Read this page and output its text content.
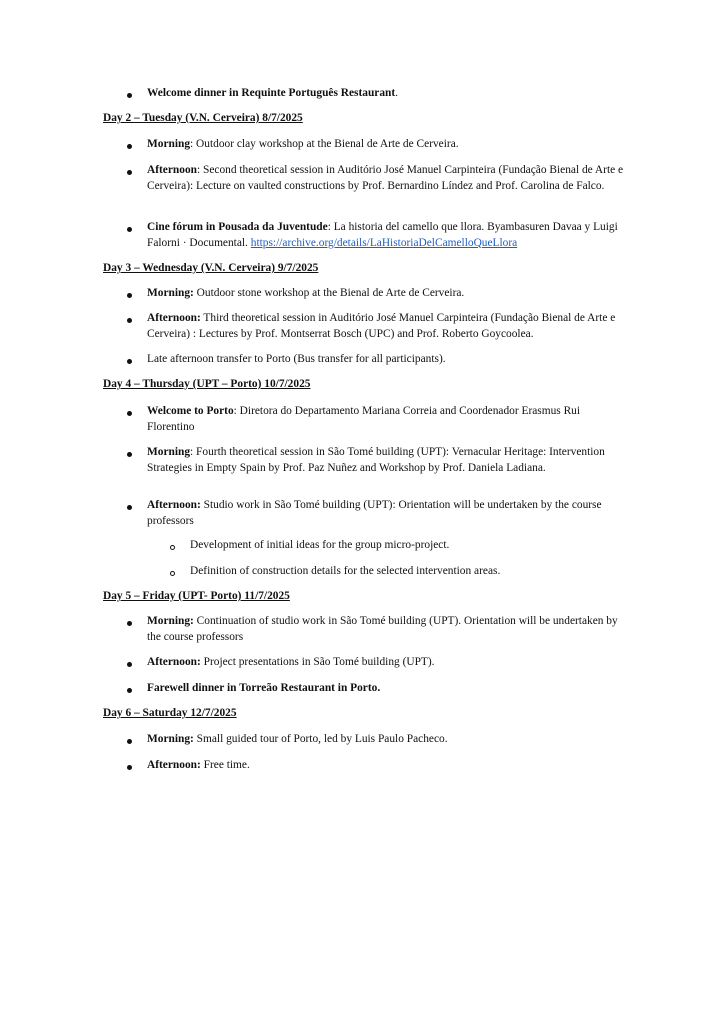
Welcome dinner in Requinte Português Restaurant.
Day 2 – Tuesday (V.N. Cerveira) 8/7/2025
Morning: Outdoor clay workshop at the Bienal de Arte de Cerveira.
Afternoon: Second theoretical session in Auditório José Manuel Carpinteira (Fundação Bienal de Arte e Cerveira): Lecture on vaulted constructions by Prof. Bernardino Líndez and Prof. Carolina de Falco.
Cine fórum in Pousada da Juventude: La historia del camello que llora. Byambasuren Davaa y Luigi Falorni · Documental. https://archive.org/details/LaHistoriaDelCamelloQueLlora
Day 3 – Wednesday (V.N. Cerveira) 9/7/2025
Morning: Outdoor stone workshop at the Bienal de Arte de Cerveira.
Afternoon: Third theoretical session in Auditório José Manuel Carpinteira (Fundação Bienal de Arte e Cerveira) : Lectures by Prof. Montserrat Bosch (UPC) and Prof. Roberto Goycoolea.
Late afternoon transfer to Porto (Bus transfer for all participants).
Day 4 – Thursday (UPT – Porto) 10/7/2025
Welcome to Porto: Diretora do Departamento Mariana Correia and Coordenador Erasmus Rui Florentino
Morning: Fourth theoretical session in São Tomé building (UPT): Vernacular Heritage: Intervention Strategies in Empty Spain by Prof. Paz Nuñez and Workshop by Prof. Daniela Ladiana.
Afternoon: Studio work in São Tomé building (UPT): Orientation will be undertaken by the course professors
Development of initial ideas for the group micro-project.
Definition of construction details for the selected intervention areas.
Day 5 – Friday (UPT- Porto) 11/7/2025
Morning: Continuation of studio work in São Tomé building (UPT). Orientation will be undertaken by the course professors
Afternoon: Project presentations in São Tomé building (UPT).
Farewell dinner in Torreão Restaurant in Porto.
Day 6 – Saturday 12/7/2025
Morning: Small guided tour of Porto, led by Luis Paulo Pacheco.
Afternoon: Free time.
